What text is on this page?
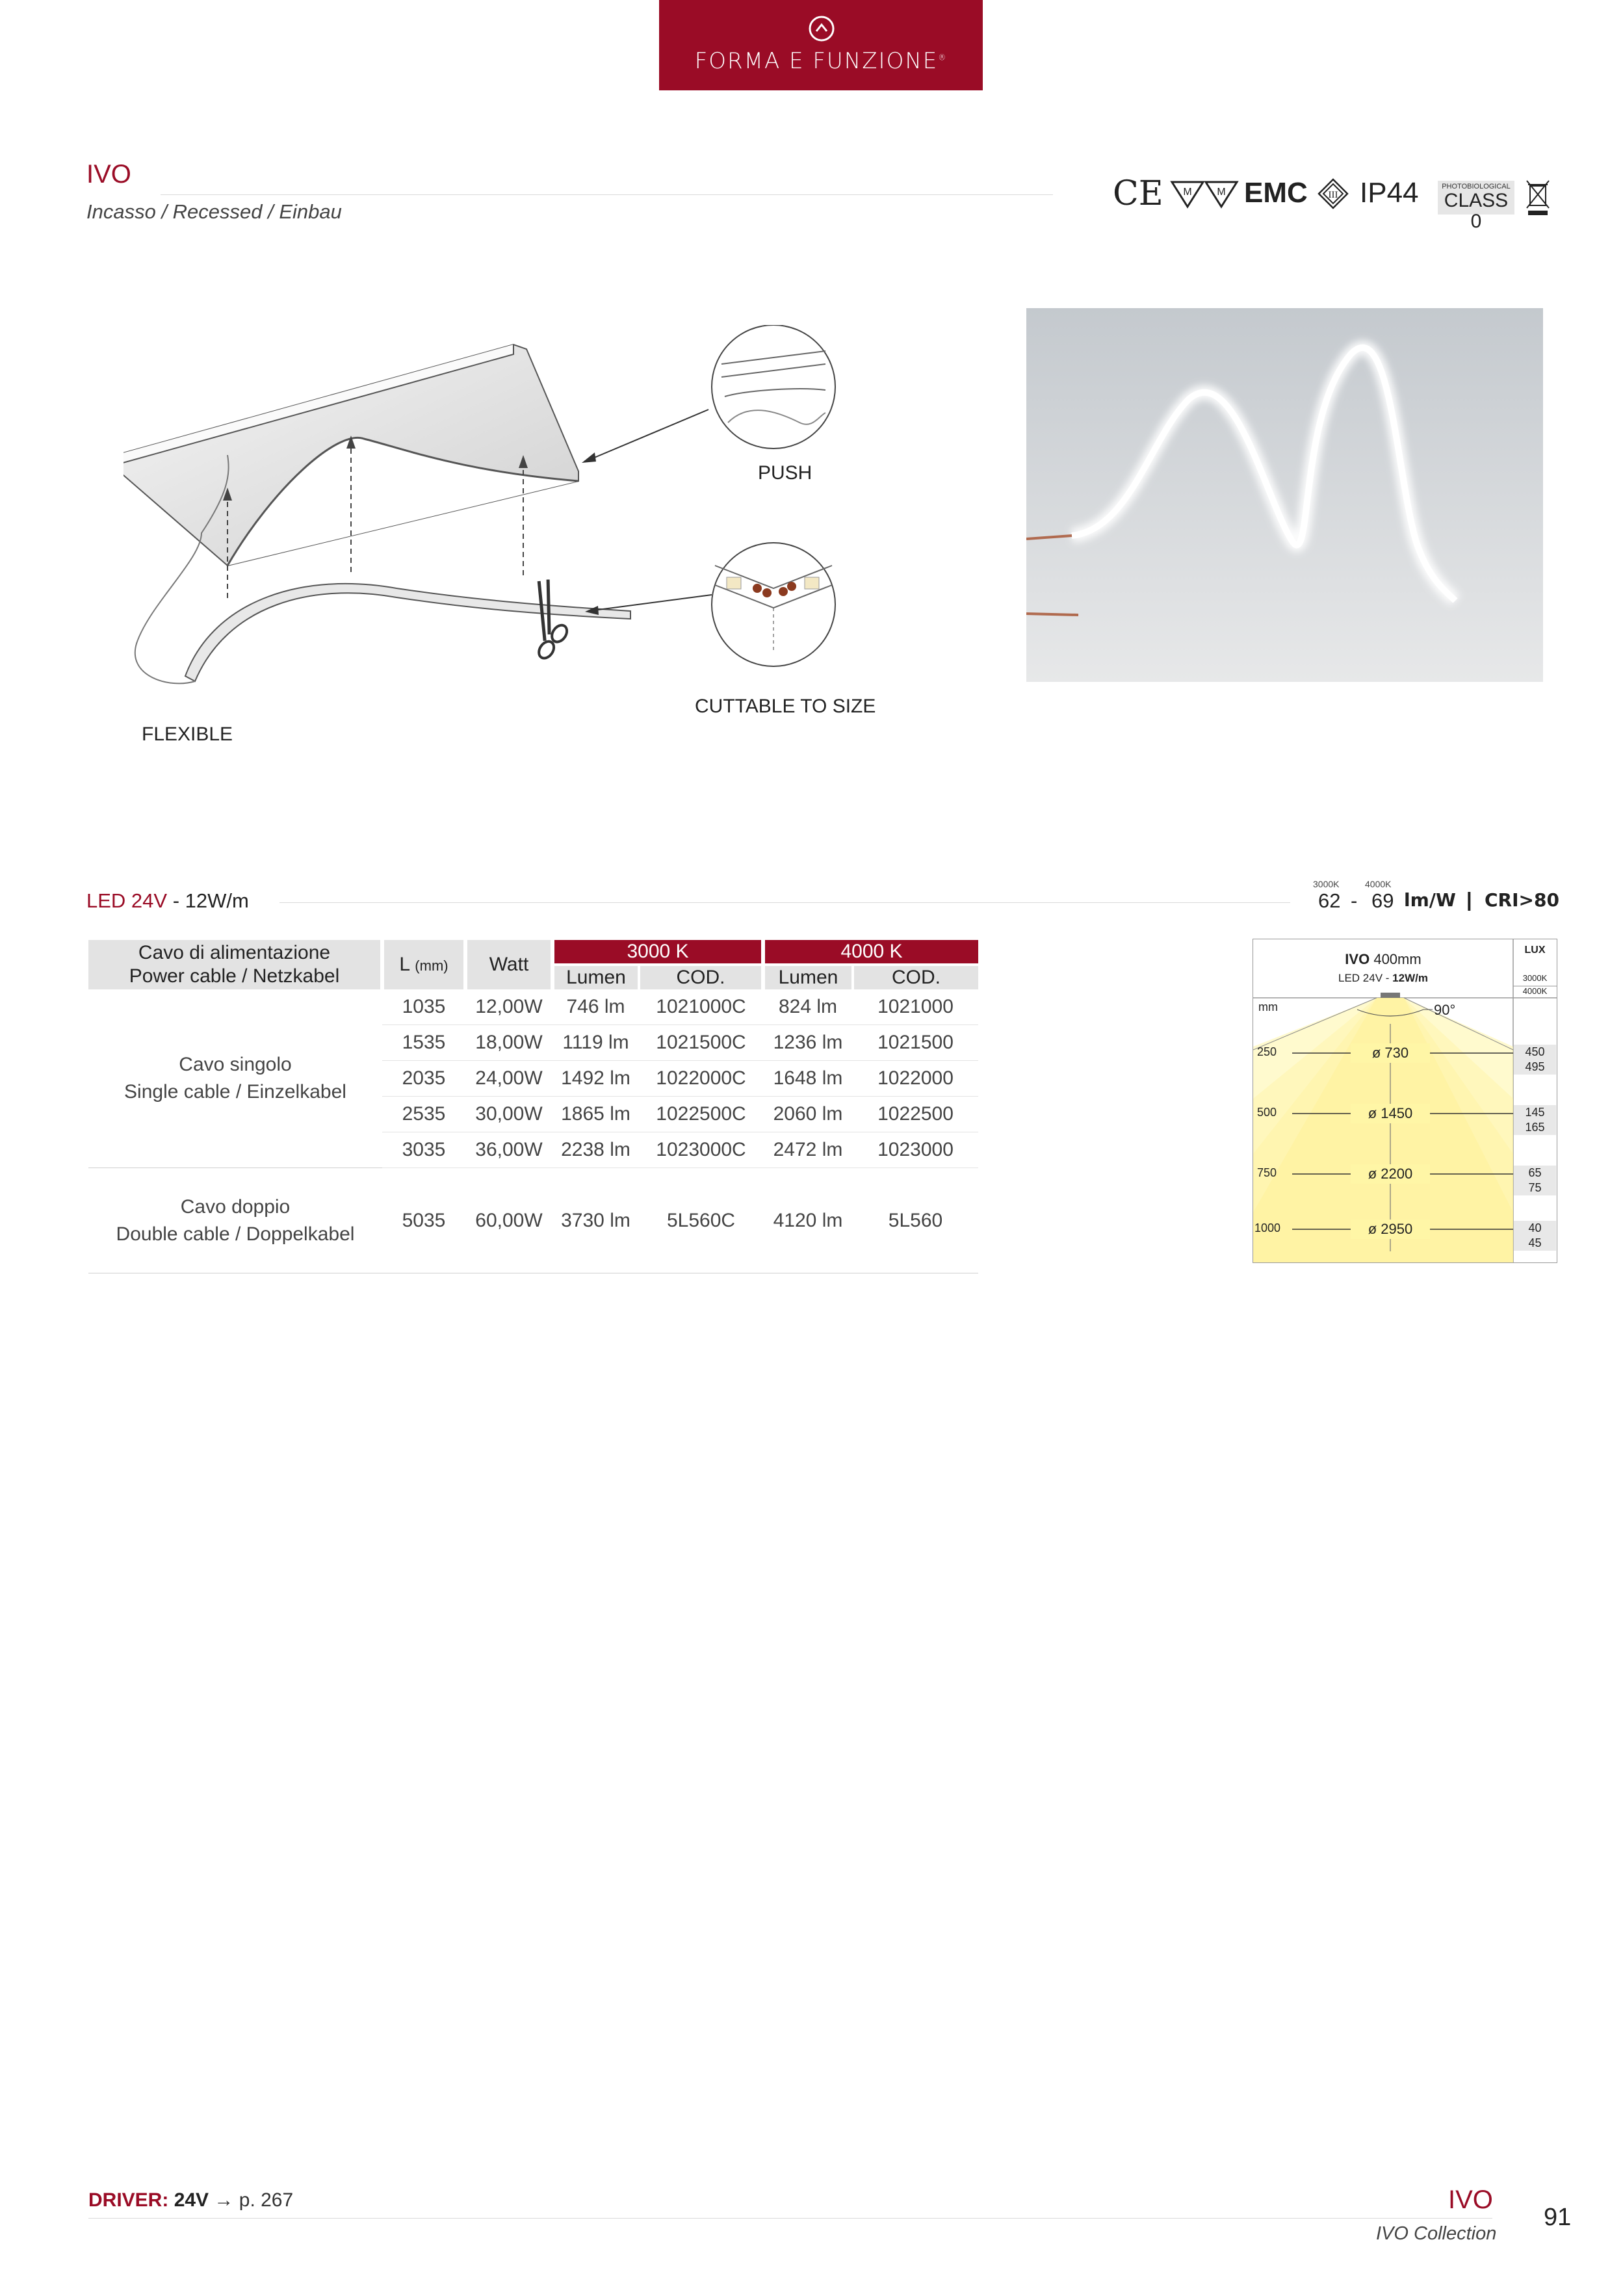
FORMA E FUNZIONE®
IVO
Incasso / Recessed / Einbau	CE M M EMC III IP44	PHOTOBIOLOGICAL
CLASS 0
PUSH
CUTTABLE TO SIZE
FLEXIBLE
LED 24V - 12W/m
3000K	4000K
62 - 69 lm/W | CRI>80
Cavo di alimentazione
Power cable / Netzkabel	L (mm)	Watt	3000 K		4000 K	
			Lumen	COD.	Lumen	COD.
Cavo singolo
Single cable / Einzelkabel	1035	12,00W	746 lm	1021000C	824 lm	1021000
	1535	18,00W	1119 lm	1021500C	1236 lm	1021500
	2035	24,00W	1492 lm	1022000C	1648 lm	1022000
	2535	30,00W	1865 lm	1022500C	2060 lm	1022500
	3035	36,00W	2238 lm	1023000C	2472 lm	1023000
Cavo doppio
Double cable / Doppelkabel	5035	60,00W	3730 lm	5L560C	4120 lm	5L560
IVO 400mm
LED 24V - 12W/m
LUX
3000K
4000K
mm	90°
250	ø 730	450
495
500	ø 1450	145
165
750	ø 2200	65
75
1000	ø 2950	40
45
DRIVER: 24V → p. 267	IVO
IVO Collection
91
